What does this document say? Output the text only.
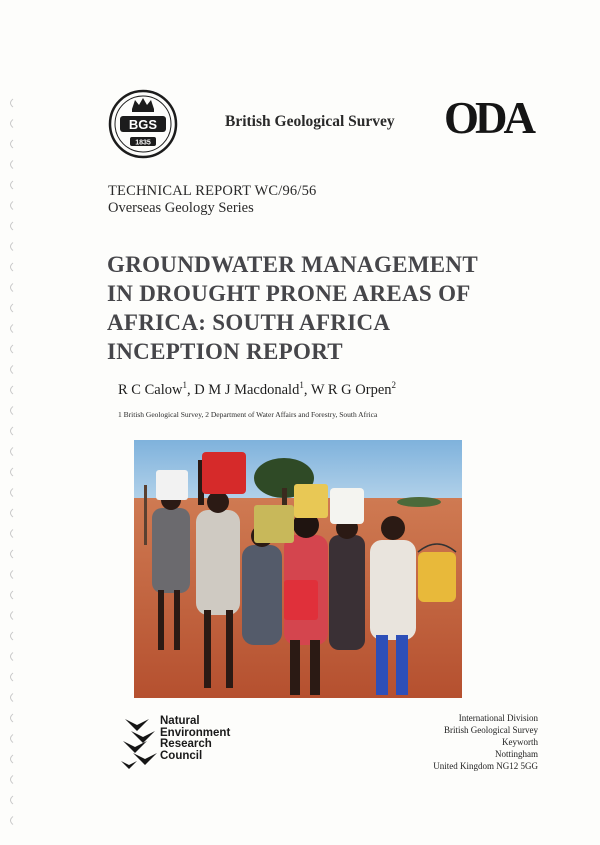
BGS
1835
British Geological Survey ODA
TECHNICAL REPORT WC/96/56
Overseas Geology Series
GROUNDWATER MANAGEMENT
IN DROUGHT PRONE AREAS OF
AFRICA: SOUTH AFRICA
INCEPTION REPORT
R C Calow$^1$, D M J Macdonald$^1$, W R G Orpen$^2$
1 British Geological Survey, 2 Department of Water Affairs and Forestry, South Africa
Natural
Environment
Research
Council
International Division
British Geological Survey
Keyworth
Nottingham
United Kingdom NG12 5GG
